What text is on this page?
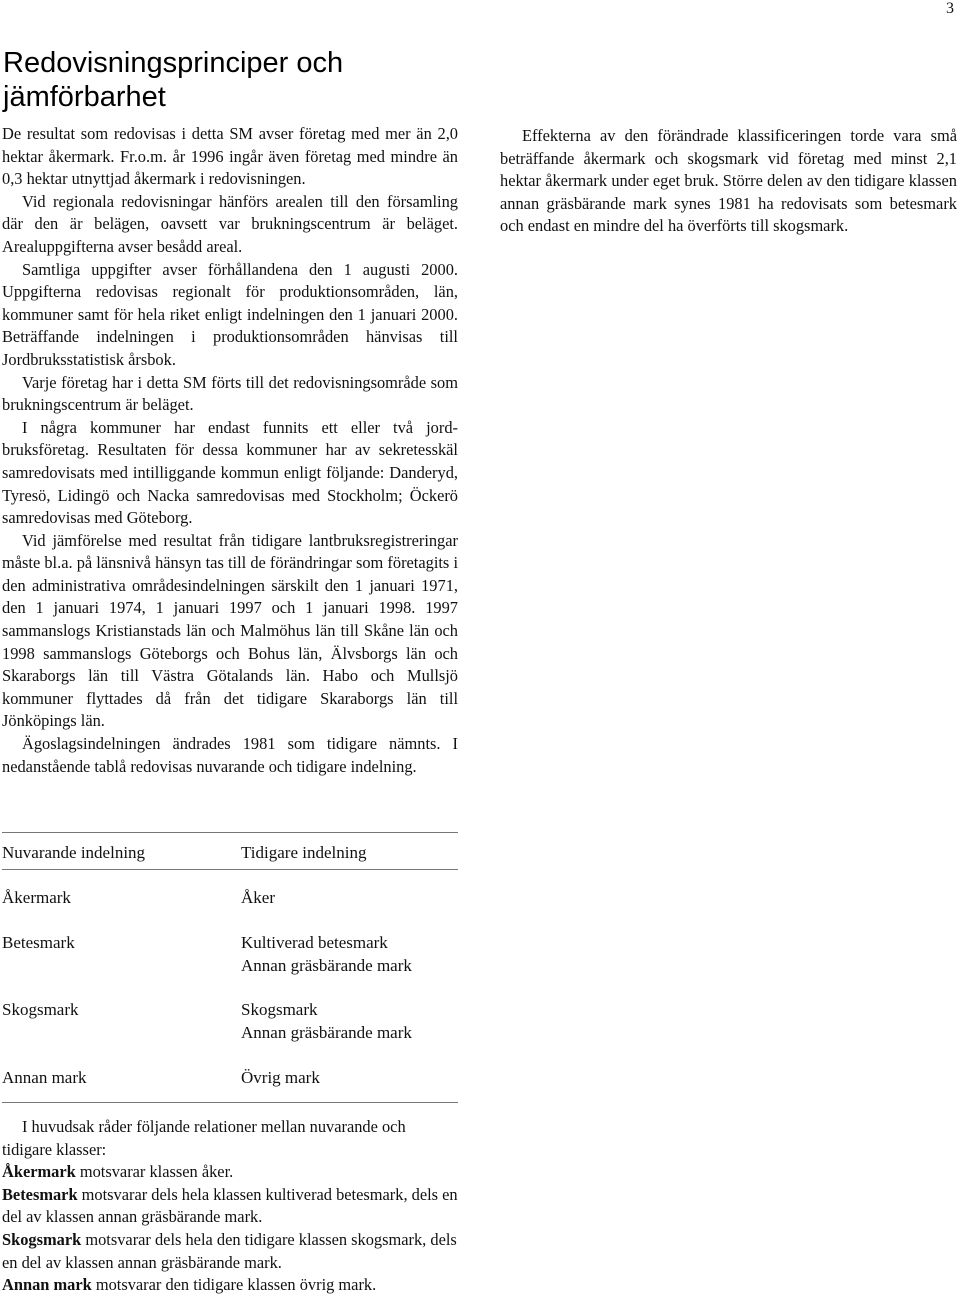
3
Redovisningsprinciper och jämförbarhet

De resultat som redovisas i detta SM avser företag med mer än 2,0 hektar åkermark. Fr.o.m. år 1996 ingår även företag med mindre än 0,3 hektar utnyttjad åkermark i redovisningen.

Vid regionala redovisningar hänförs arealen till den församling där den är belägen, oavsett var brukningscentrum är beläget. Arealuppgifterna avser besådd areal.

Samtliga uppgifter avser förhållandena den 1 augusti 2000. Uppgifterna redovisas regionalt för produktionsområden, län, kommuner samt för hela riket enligt indelningen den 1 januari 2000. Beträffande indelningen i produktionsområden hänvisas till Jordbruksstatistisk årsbok.

Varje företag har i detta SM förts till det redovisningsområde som brukningscentrum är beläget.

I några kommuner har endast funnits ett eller två jordbruksföretag. Resultaten för dessa kommuner har av sekretesskäl samredovisats med intilliggande kommun enligt följande: Danderyd, Tyresö, Lidingö och Nacka samredovisas med Stockholm; Öckerö samredovisas med Göteborg.

Vid jämförelse med resultat från tidigare lantbruksregistreringar måste bl.a. på länsnivå hänsyn tas till de förändringar som företagits i den administrativa områdesindelningen särskilt den 1 januari 1971, den 1 januari 1974, 1 januari 1997 och 1 januari 1998. 1997 sammanslogs Kristianstads län och Malmöhus län till Skåne län och 1998 sammanslogs Göteborgs och Bohus län, Älvsborgs län och Skaraborgs län till Västra Götalands län. Habo och Mullsjö kommuner flyttades då från det tidigare Skaraborgs län till Jönköpings län.

Ägoslagsindelningen ändrades 1981 som tidigare nämnts. I nedanstående tablå redovisas nuvarande och tidigare indelning.

Effekterna av den förändrade klassificeringen torde vara små beträffande åkermark och skogsmark vid företag med minst 2,1 hektar åkermark under eget bruk. Större delen av den tidigare klassen annan gräsbärande mark synes 1981 ha redovisats som betesmark och endast en mindre del ha överförts till skogsmark.

Nuvarande indelning	Tidigare indelning
Åkermark	Åker
Betesmark	Kultiverad betesmark
Annan gräsbärande mark
Skogsmark	Skogsmark
Annan gräsbärande mark
Annan mark	Övrig mark

I huvudsak råder följande relationer mellan nuvarande och tidigare klasser:

Åkermark motsvarar klassen åker.

Betesmark motsvarar dels hela klassen kultiverad betesmark, dels en del av klassen annan gräsbärande mark.

Skogsmark motsvarar dels hela den tidigare klassen skogsmark, dels en del av klassen annan gräsbärande mark.

Annan mark motsvarar den tidigare klassen övrig mark.
